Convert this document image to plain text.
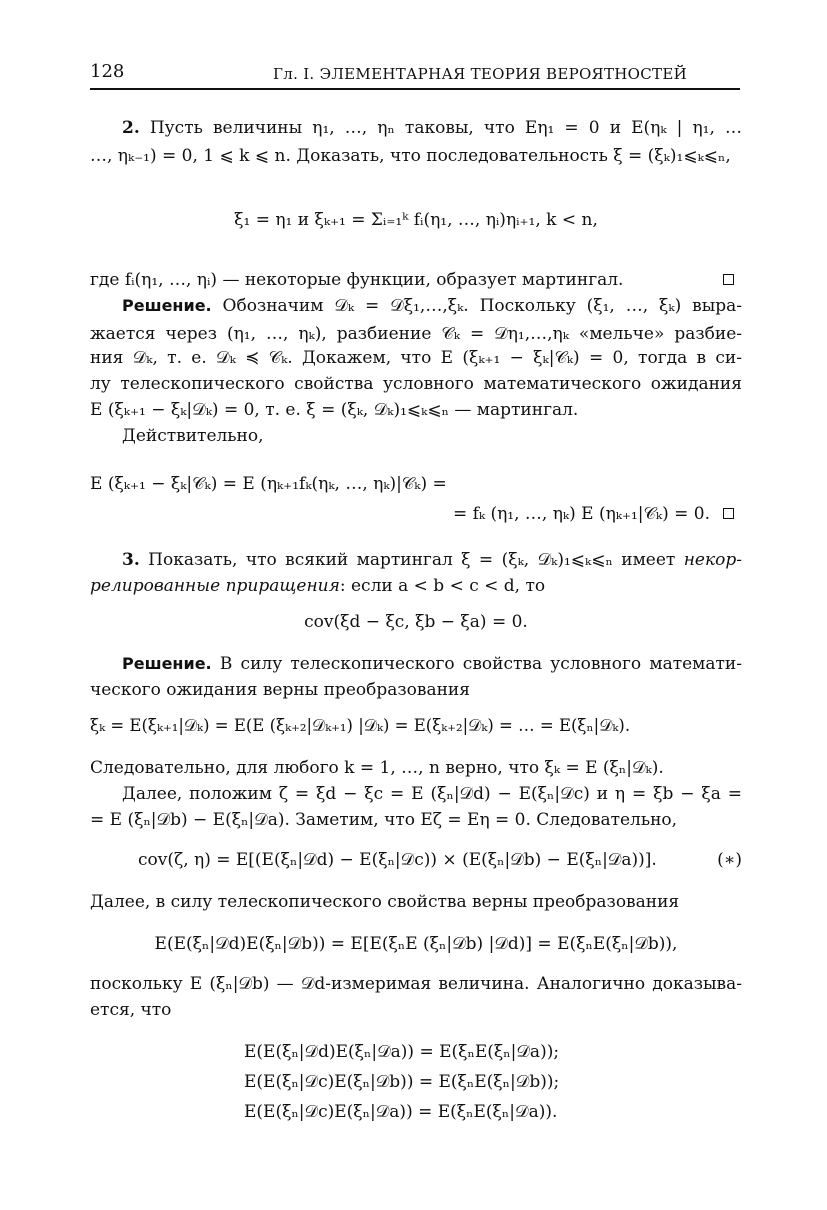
128	Гл. I. ЭЛЕМЕНТАРНАЯ ТЕОРИЯ ВЕРОЯТНОСТЕЙ
2. Пусть величины η₁, …, ηₙ таковы, что Eη₁ = 0 и E(ηₖ | η₁, …
…, ηₖ₋₁) = 0, 1 ⩽ k ⩽ n. Доказать, что последовательность ξ = (ξₖ)₁⩽ₖ⩽ₙ,
ξ₁ = η₁ и ξₖ₊₁ = Σᵢ₌₁ᵏ fᵢ(η₁, …, ηᵢ)ηᵢ₊₁, k < n,
где fᵢ(η₁, …, ηᵢ) — некоторые функции, образует мартингал.
Решение. Обозначим 𝒟ₖ = 𝒟ξ₁,…,ξₖ. Поскольку (ξ₁, …, ξₖ) выра-
жается через (η₁, …, ηₖ), разбиение 𝒞ₖ = 𝒟η₁,…,ηₖ «мельче» разбие-
ния 𝒟ₖ, т. е. 𝒟ₖ ≼ 𝒞ₖ. Докажем, что E (ξₖ₊₁ − ξₖ|𝒞ₖ) = 0, тогда в си-
лу телескопического свойства условного математического ожидания
E (ξₖ₊₁ − ξₖ|𝒟ₖ) = 0, т. е. ξ = (ξₖ, 𝒟ₖ)₁⩽ₖ⩽ₙ — мартингал.
Действительно,
E (ξₖ₊₁ − ξₖ|𝒞ₖ) = E (ηₖ₊₁fₖ(ηₖ, …, ηₖ)|𝒞ₖ) =
= fₖ (η₁, …, ηₖ) E (ηₖ₊₁|𝒞ₖ) = 0.
3. Показать, что всякий мартингал ξ = (ξₖ, 𝒟ₖ)₁⩽ₖ⩽ₙ имеет некор-
релированные приращения: если a < b < c < d, то
cov(ξd − ξc, ξb − ξa) = 0.
Решение. В силу телескопического свойства условного математи-
ческого ожидания верны преобразования
ξₖ = E(ξₖ₊₁|𝒟ₖ) = E(E (ξₖ₊₂|𝒟ₖ₊₁) |𝒟ₖ) = E(ξₖ₊₂|𝒟ₖ) = … = E(ξₙ|𝒟ₖ).
Следовательно, для любого k = 1, …, n верно, что ξₖ = E (ξₙ|𝒟ₖ).
Далее, положим ζ = ξd − ξc = E (ξₙ|𝒟d) − E(ξₙ|𝒟c) и η = ξb − ξa =
= E (ξₙ|𝒟b) − E(ξₙ|𝒟a). Заметим, что Eζ = Eη = 0. Следовательно,
cov(ζ, η) = E[(E(ξₙ|𝒟d) − E(ξₙ|𝒟c)) × (E(ξₙ|𝒟b) − E(ξₙ|𝒟a))].	(∗)
Далее, в силу телескопического свойства верны преобразования
E(E(ξₙ|𝒟d)E(ξₙ|𝒟b)) = E[E(ξₙE (ξₙ|𝒟b) |𝒟d)] = E(ξₙE(ξₙ|𝒟b)),
поскольку E (ξₙ|𝒟b) — 𝒟d-измеримая величина. Аналогично доказыва-
ется, что
E(E(ξₙ|𝒟d)E(ξₙ|𝒟a)) = E(ξₙE(ξₙ|𝒟a));
E(E(ξₙ|𝒟c)E(ξₙ|𝒟b)) = E(ξₙE(ξₙ|𝒟b));
E(E(ξₙ|𝒟c)E(ξₙ|𝒟a)) = E(ξₙE(ξₙ|𝒟a)).
